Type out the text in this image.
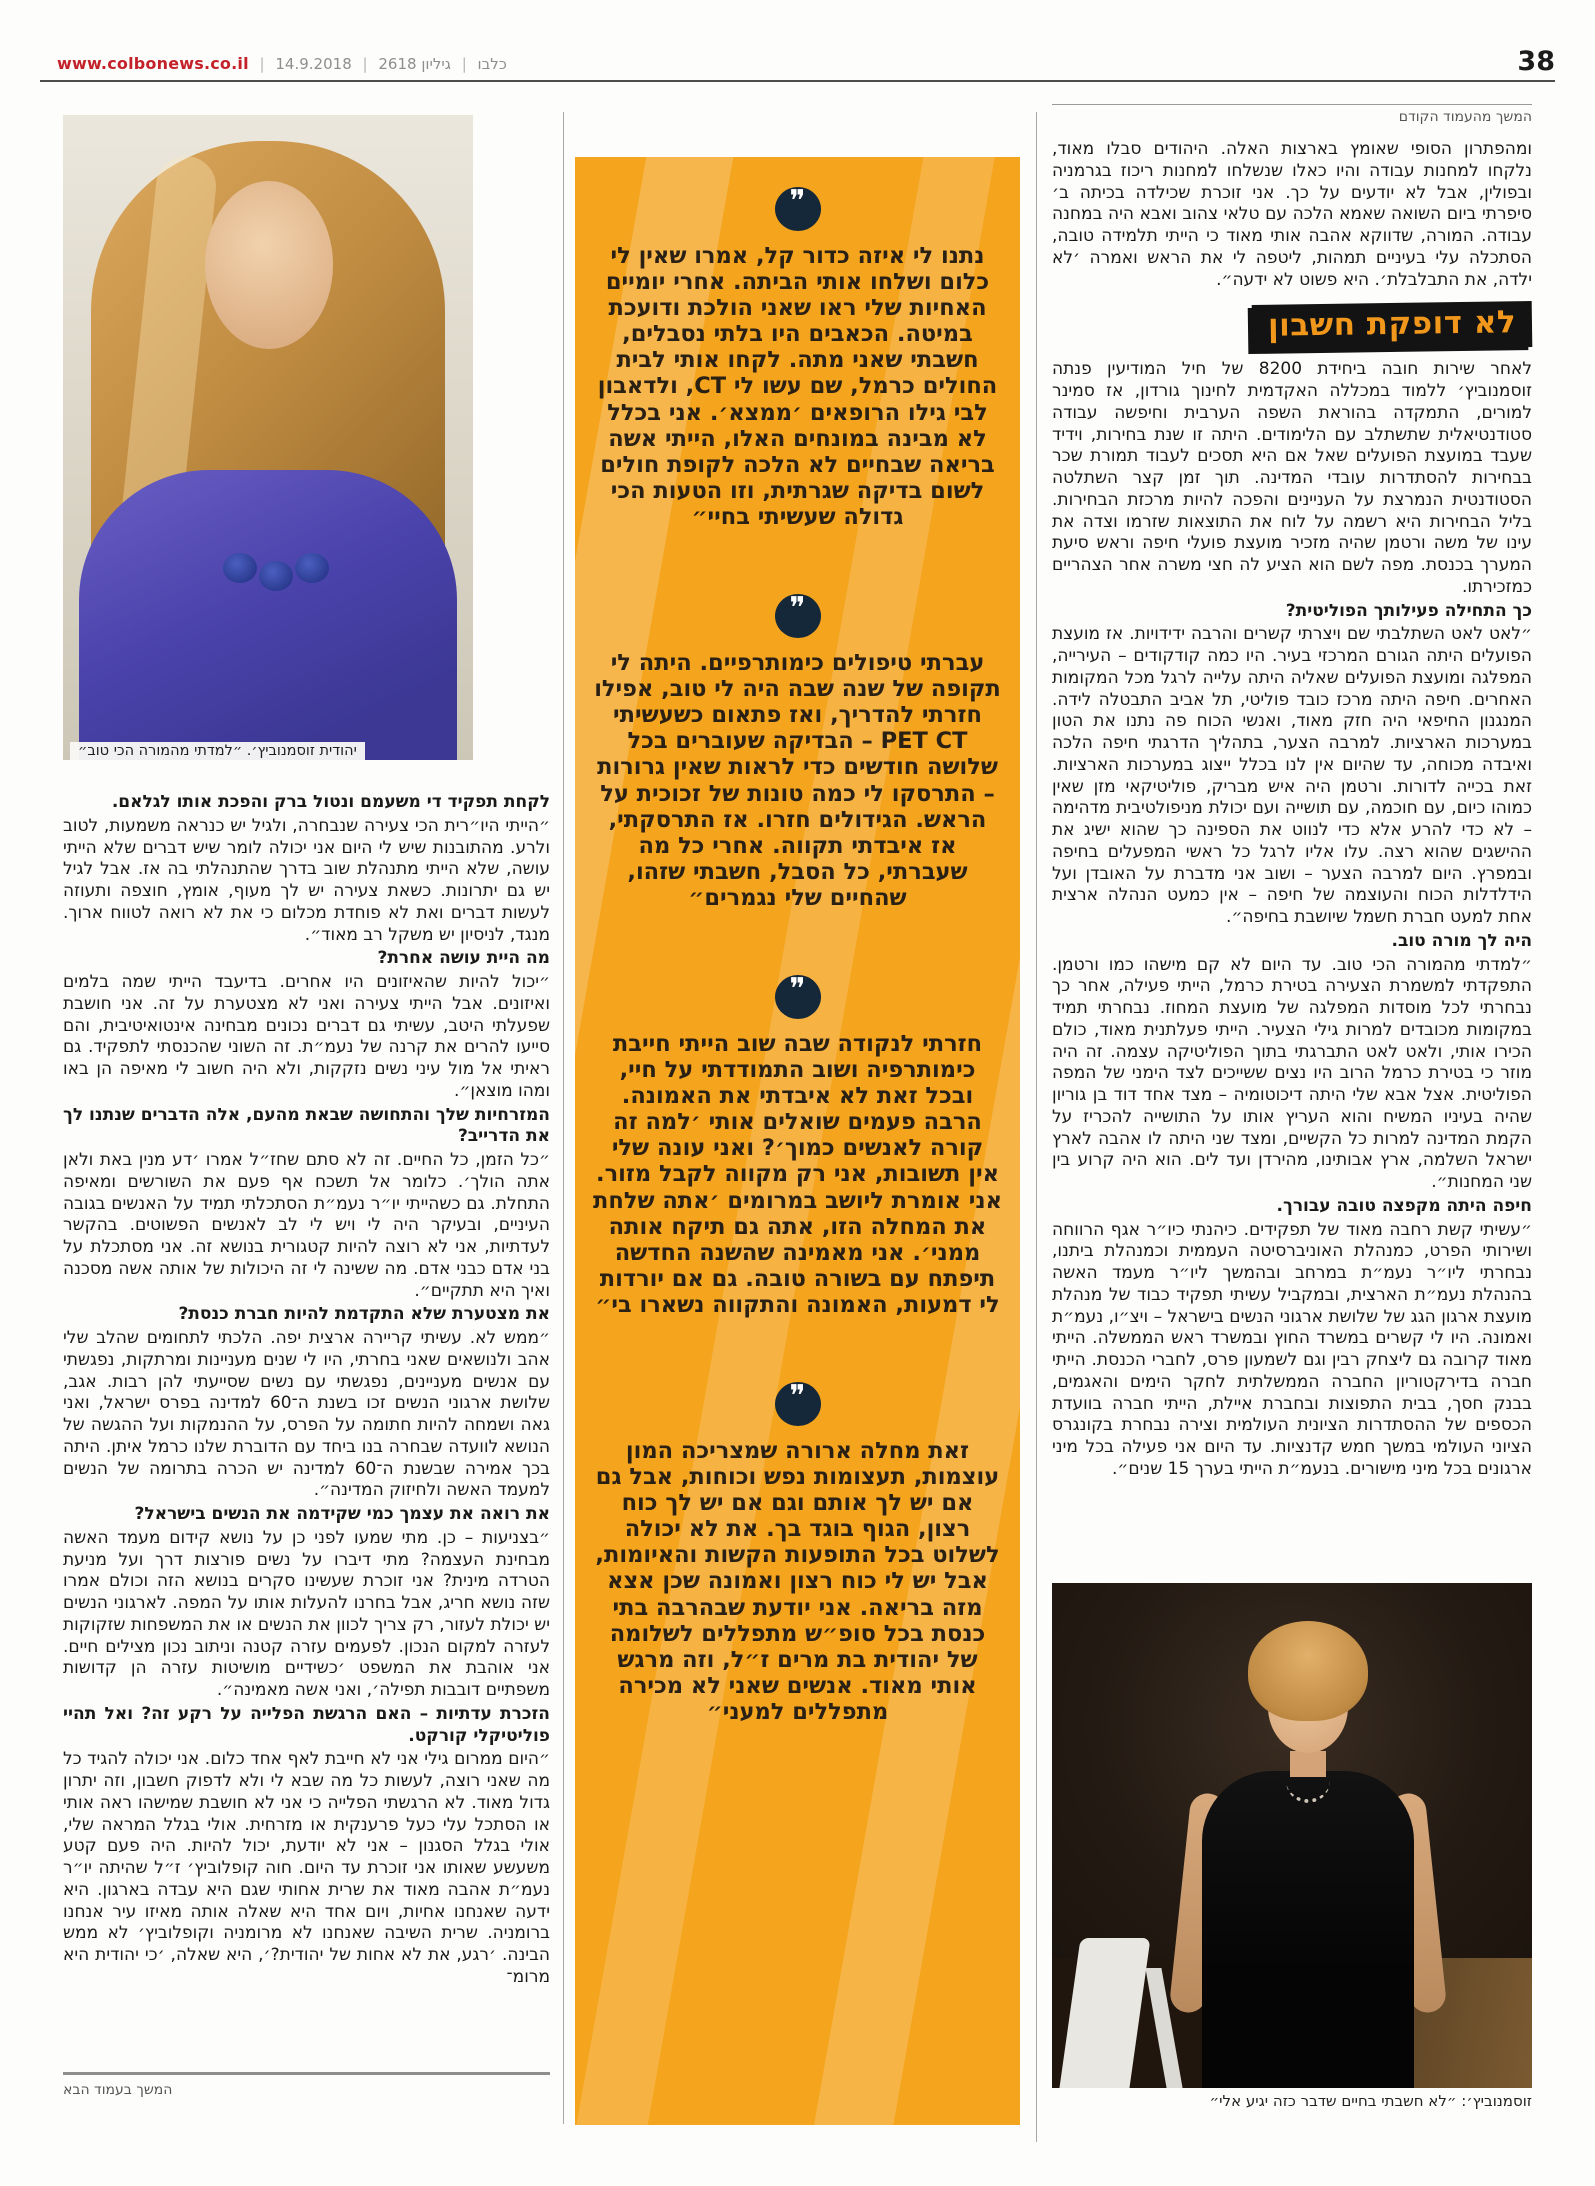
www.colbonews.co.il |	כלבו | גיליון 2618 | 14.9.2018	38
המשך מהעמוד הקודם

ומהפתרון הסופי שאומץ בארצות האלה. היהודים סבלו מאוד, נלקחו למחנות עבודה והיו כאלו שנשלחו למחנות ריכוז בגרמניה ובפולין, אבל לא יודעים על כך. אני זוכרת שכילדה בכיתה ב׳ סיפרתי ביום השואה שאמא הלכה עם טלאי צהוב ואבא היה במחנה עבודה. המורה, שדווקא אהבה אותי מאוד כי הייתי תלמידה טובה, הסתכלה עלי בעיניים תמהות, ליטפה לי את הראש ואמרה ׳לא ילדה, את התבלבלת׳. היא פשוט לא ידעה״.

לא דופקת חשבון

לאחר שירות חובה ביחידת 8200 של חיל המודיעין פנתה זוסמנוביץ׳ ללמוד במכללה האקדמית לחינוך גורדון, אז סמינר למורים, התמקדה בהוראת השפה הערבית וחיפשה עבודה סטודנטיאלית שתשתלב עם הלימודים. היתה זו שנת בחירות, וידיד שעבד במועצת הפועלים שאל אם היא תסכים לעבוד תמורת שכר בבחירות להסתדרות עובדי המדינה. תוך זמן קצר השתלטה הסטודנטית הנמרצת על העניינים והפכה להיות מרכזת הבחירות. בליל הבחירות היא רשמה על לוח את התוצאות שזרמו וצדה את עינו של משה ורטמן שהיה מזכיר מועצת פועלי חיפה וראש סיעת המערך בכנסת. מפה לשם הוא הציע לה חצי משרה אחר הצהריים כמזכירתו.

כך התחילה פעילותך הפוליטית?

״לאט לאט השתלבתי שם ויצרתי קשרים והרבה ידידויות. אז מועצת הפועלים היתה הגורם המרכזי בעיר. היו כמה קודקודים – העירייה, המפלגה ומועצת הפועלים שאליה היתה עלייה לרגל מכל המקומות האחרים. חיפה היתה מרכז כובד פוליטי, תל אביב התבטלה לידה. המנגנון החיפאי היה חזק מאוד, ואנשי הכוח פה נתנו את הטון במערכות הארציות. למרבה הצער, בתהליך הדרגתי חיפה הלכה ואיבדה מכוחה, עד שהיום אין לנו בכלל ייצוג במערכות הארציות. זאת בכייה לדורות. ורטמן היה איש מבריק, פוליטיקאי מזן שאין כמוהו כיום, עם חוכמה, עם תושייה ועם יכולת מניפולטיבית מדהימה – לא כדי להרע אלא כדי לנווט את הספינה כך שהוא ישיג את ההישגים שהוא רצה. עלו אליו לרגל כל ראשי המפעלים בחיפה ובמפרץ. היום למרבה הצער – ושוב אני מדברת על האובדן ועל הידלדלות הכוח והעוצמה של חיפה – אין כמעט הנהלה ארצית אחת למעט חברת חשמל שיושבת בחיפה״.

היה לך מורה טוב.

״למדתי מהמורה הכי טוב. עד היום לא קם מישהו כמו ורטמן. התפקדתי למשמרת הצעירה בטירת כרמל, הייתי פעילה, אחר כך נבחרתי לכל מוסדות המפלגה של מועצת המחוז. נבחרתי תמיד במקומות מכובדים למרות גילי הצעיר. הייתי פעלתנית מאוד, כולם הכירו אותי, ולאט לאט התברגתי בתוך הפוליטיקה עצמה. זה היה מוזר כי בטירת כרמל הרוב היו נצים ששייכים לצד הימני של המפה הפוליטית. אצל אבא שלי היתה דיכוטומיה – מצד אחד דוד בן גוריון שהיה בעיניו המשיח והוא העריץ אותו על התושייה להכריז על הקמת המדינה למרות כל הקשיים, ומצד שני היתה לו אהבה לארץ ישראל השלמה, ארץ אבותינו, מהירדן ועד לים. הוא היה קרוע בין שני המחנות״.

חיפה היתה מקפצה טובה עבורך.

״עשיתי קשת רחבה מאוד של תפקידים. כיהנתי כיו״ר אגף הרווחה ושירותי הפרט, כמנהלת האוניברסיטה העממית וכמנהלת ביתנו, נבחרתי ליו״ר נעמ״ת במרחב ובהמשך ליו״ר מעמד האשה בהנהלת נעמ״ת הארצית, ובמקביל עשיתי תפקיד כבוד של מנהלת מועצת ארגון הגג של שלושת ארגוני הנשים בישראל – ויצ״ו, נעמ״ת ואמונה. היו לי קשרים במשרד החוץ ובמשרד ראש הממשלה. הייתי מאוד קרובה גם ליצחק רבין וגם לשמעון פרס, לחברי הכנסת. הייתי חברה בדירקטוריון החברה הממשלתית לחקר הימים והאגמים, בבנק חסך, בבית התפוצות ובחברת איילת, הייתי חברה בוועדת הכספים של ההסתדרות הציונית העולמית וצירה נבחרת בקונגרס הציוני העולמי במשך חמש קדנציות. עד היום אני פעילה בכל מיני ארגונים בכל מיני מישורים. בנעמ״ת הייתי בערך 15 שנים״.

זוסמנוביץ׳: ״לא חשבתי בחיים שדבר כזה יגיע אלי״
❞
נתנו לי איזה כדור קל, אמרו שאין לי כלום ושלחו אותי הביתה. אחרי יומיים האחיות שלי ראו שאני הולכת ודועכת במיטה. הכאבים היו בלתי נסבלים, חשבתי שאני מתה. לקחו אותי לבית החולים כרמל, שם עשו לי CT, ולדאבון לבי גילו הרופאים ׳ממצא׳. אני בכלל לא מבינה במונחים האלו, הייתי אשה בריאה שבחיים לא הלכה לקופת חולים לשום בדיקה שגרתית, וזו הטעות הכי גדולה שעשיתי בחיי״
❞
עברתי טיפולים כימותרפיים. היתה לי תקופה של שנה שבה היה לי טוב, אפילו חזרתי להדריך, ואז פתאום כשעשיתי PET CT – הבדיקה שעוברים בכל שלושה חודשים כדי לראות שאין גרורות – התרסקו לי כמה טונות של זכוכית על הראש. הגידולים חזרו. אז התרסקתי, אז איבדתי תקווה. אחרי כל מה שעברתי, כל הסבל, חשבתי שזהו, שהחיים שלי נגמרים״
❞
חזרתי לנקודה שבה שוב הייתי חייבת כימותרפיה ושוב התמודדתי על חיי, ובכל זאת לא איבדתי את האמונה. הרבה פעמים שואלים אותי ׳למה זה קורה לאנשים כמוך׳? ואני עונה שלי אין תשובות, אני רק מקווה לקבל מזור. אני אומרת ליושב במרומים ׳אתה שלחת את המחלה הזו, אתה גם תיקח אותה ממני׳. אני מאמינה שהשנה החדשה תיפתח עם בשורה טובה. גם אם יורדות לי דמעות, האמונה והתקווה נשארו בי״
❞
זאת מחלה ארורה שמצריכה המון עוצמות, תעצומות נפש וכוחות, אבל גם אם יש לך אותם וגם אם יש לך כוח רצון, הגוף בוגד בך. את לא יכולה לשלוט בכל התופעות הקשות והאיומות, אבל יש לי כוח רצון ואמונה שכן אצא מזה בריאה. אני יודעת שבהרבה בתי כנסת בכל סופ״ש מתפללים לשלומה של יהודית בת מרים ז״ל, וזה מרגש אותי מאוד. אנשים שאני לא מכירה מתפללים למעני״
יהודית זוסמנוביץ׳. ״למדתי מהמורה הכי טוב״

לקחת תפקיד די משעמם ונטול ברק והפכת אותו לגלאם.

״הייתי היו״רית הכי צעירה שנבחרה, ולגיל יש כנראה משמעות, לטוב ולרע. מהתובנות שיש לי היום אני יכולה לומר שיש דברים שלא הייתי עושה, שלא הייתי מתנהלת שוב בדרך שהתנהלתי בה אז. אבל לגיל יש גם יתרונות. כשאת צעירה יש לך מעוף, אומץ, חוצפה ותעוזה לעשות דברים ואת לא פוחדת מכלום כי את לא רואה לטווח ארוך. מנגד, לניסיון יש משקל רב מאוד״.

מה היית עושה אחרת?

״יכול להיות שהאיזונים היו אחרים. בדיעבד הייתי שמה בלמים ואיזונים. אבל הייתי צעירה ואני לא מצטערת על זה. אני חושבת שפעלתי היטב, עשיתי גם דברים נכונים מבחינה אינטואיטיבית, והם סייעו להרים את קרנה של נעמ״ת. זה השוני שהכנסתי לתפקיד. גם ראיתי אל מול עיני נשים נזקקות, ולא היה חשוב לי מאיפה הן באו ומהו מוצאן״.

המזרחיות שלך והתחושה שבאת מהעם, אלה הדברים שנתנו לך את הדרייב?

״כל הזמן, כל החיים. זה לא סתם שחז״ל אמרו ׳דע מנין באת ולאן אתה הולך׳. כלומר אל תשכח אף פעם את השורשים ומאיפה התחלת. גם כשהייתי יו״ר נעמ״ת הסתכלתי תמיד על האנשים בגובה העיניים, ובעיקר היה לי ויש לי לב לאנשים הפשוטים. בהקשר לעדתיות, אני לא רוצה להיות קטגורית בנושא זה. אני מסתכלת על בני אדם כבני אדם. מה ששינה לי זה היכולות של אותה אשה מסכנה ואיך היא תתקיים״.

את מצטערת שלא התקדמת להיות חברת כנסת?

״ממש לא. עשיתי קריירה ארצית יפה. הלכתי לתחומים שהלב שלי אהב ולנושאים שאני בחרתי, היו לי שנים מעניינות ומרתקות, נפגשתי עם אנשים מעניינים, נפגשתי עם נשים שסייעתי להן רבות. אגב, שלושת ארגוני הנשים זכו בשנת ה־60 למדינה בפרס ישראל, ואני גאה ושמחה להיות חתומה על הפרס, על ההנמקות ועל ההגשה של הנושא לוועדה שבחרה בנו ביחד עם הדוברת שלנו כרמל איתן. היתה בכך אמירה שבשנת ה־60 למדינה יש הכרה בתרומה של הנשים למעמד האשה ולחיזוק המדינה״.

את רואה את עצמך כמי שקידמה את הנשים בישראל?

״בצניעות – כן. מתי שמעו לפני כן על נושא קידום מעמד האשה מבחינת העצמה? מתי דיברו על נשים פורצות דרך ועל מניעת הטרדה מינית? אני זוכרת שעשינו סקרים בנושא הזה וכולם אמרו שזה נושא חריג, אבל בחרנו להעלות אותו על המפה. לארגוני הנשים יש יכולת לעזור, רק צריך לכוון את הנשים או את המשפחות שזקוקות לעזרה למקום הנכון. לפעמים עזרה קטנה וניתוב נכון מצילים חיים. אני אוהבת את המשפט ׳כשידיים מושיטות עזרה הן קדושות משפתיים דובבות תפילה׳, ואני אשה מאמינה״.

הזכרת עדתיות – האם הרגשת הפלייה על רקע זה? ואל תהיי פוליטיקלי קורקט.

״היום ממרום גילי אני לא חייבת לאף אחד כלום. אני יכולה להגיד כל מה שאני רוצה, לעשות כל מה שבא לי ולא לדפוק חשבון, וזה יתרון גדול מאוד. לא הרגשתי הפלייה כי אני לא חושבת שמישהו ראה אותי או הסתכל עלי כעל פרענקית או מזרחית. אולי בגלל המראה שלי, אולי בגלל הסגנון – אני לא יודעת, יכול להיות. היה פעם קטע משעשע שאותו אני זוכרת עד היום. חוה קופלוביץ׳ ז״ל שהיתה יו״ר נעמ״ת אהבה מאוד את שרית אחותי שגם היא עבדה בארגון. היא ידעה שאנחנו אחיות, ויום אחד היא שאלה אותה מאיזו עיר אנחנו ברומניה. שרית השיבה שאנחנו לא מרומניה וקופלוביץ׳ לא ממש הבינה. ׳רגע, את לא אחות של יהודית?׳, היא שאלה, ׳כי יהודית היא מרומ־

המשך בעמוד הבא
